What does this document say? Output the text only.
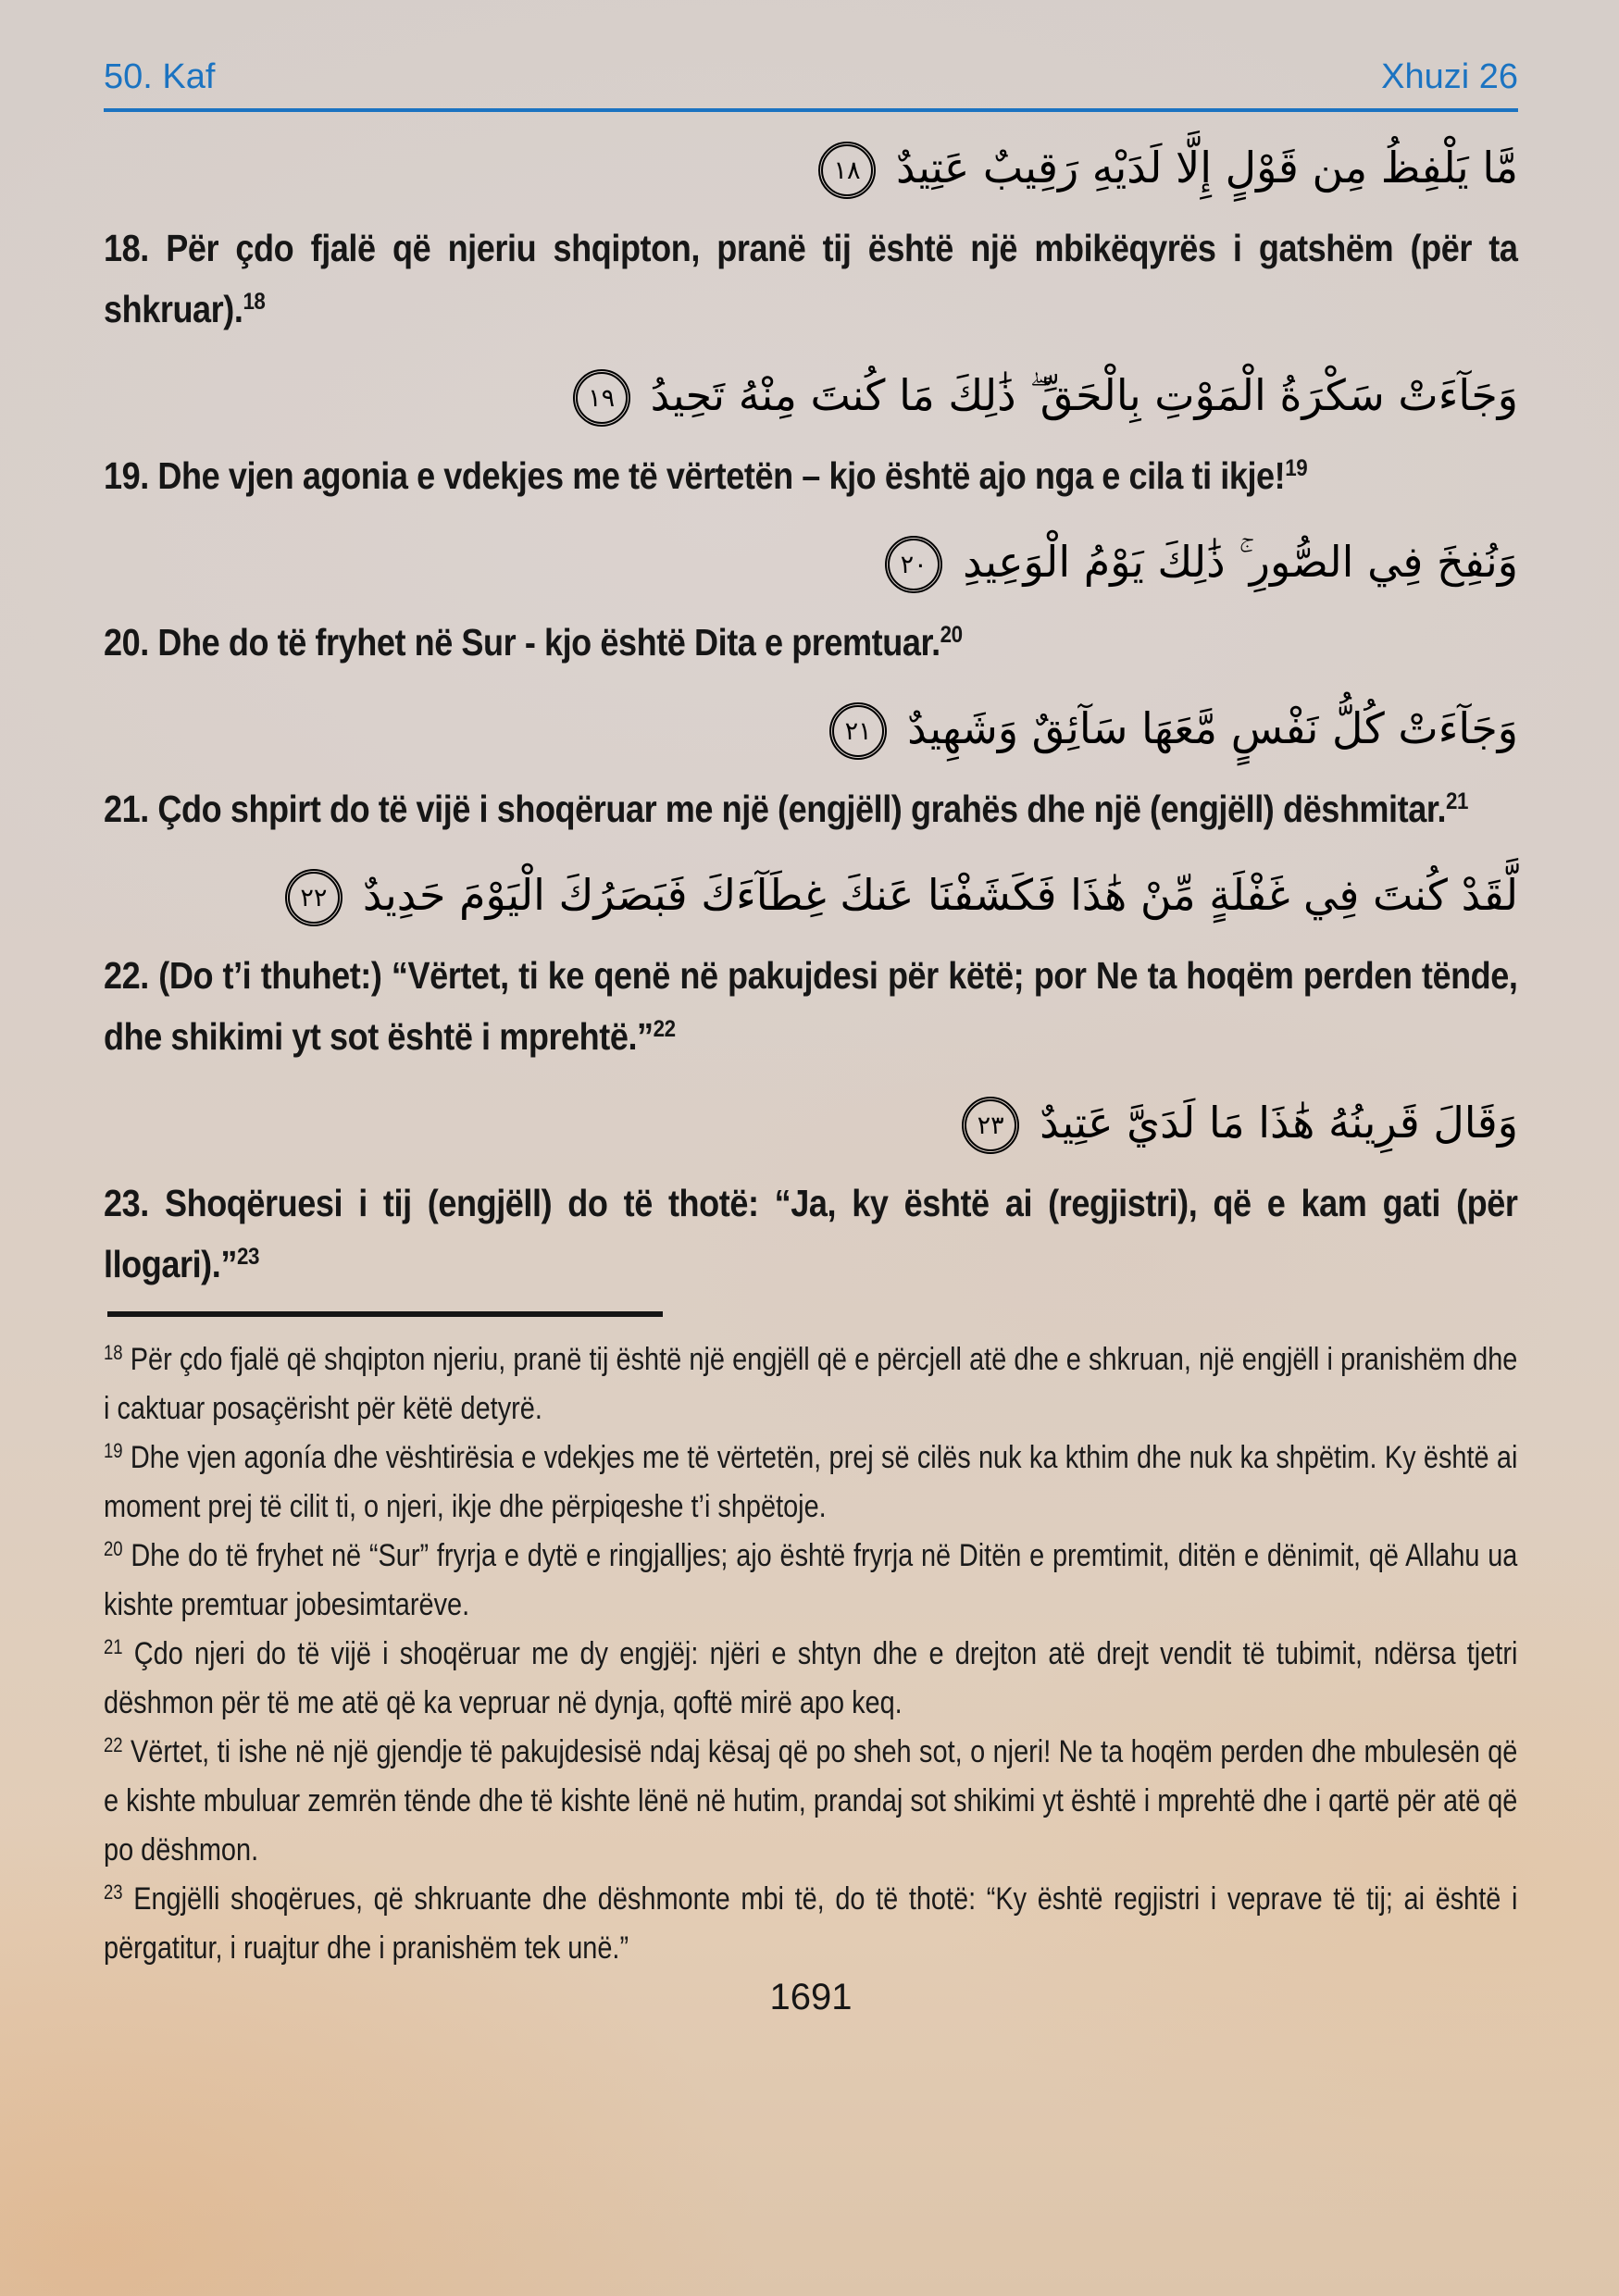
50. Kaf	Xhuzi 26

مَّا يَلْفِظُ مِن قَوْلٍ إِلَّا لَدَيْهِ رَقِيبٌ عَتِيدٌ١٨

18. Për çdo fjalë që njeriu shqipton, pranë tij është një mbikëqyrës i gatshëm (për ta shkruar).$^{18}$

وَجَآءَتْ سَكْرَةُ الْمَوْتِ بِالْحَقِّ ۖ ذَٰلِكَ مَا كُنتَ مِنْهُ تَحِيدُ١٩

19. Dhe vjen agonia e vdekjes me të vërtetën – kjo është ajo nga e cila ti ikje!$^{19}$

وَنُفِخَ فِي الصُّورِ ۚ ذَٰلِكَ يَوْمُ الْوَعِيدِ٢٠

20. Dhe do të fryhet në Sur - kjo është Dita e premtuar.$^{20}$

وَجَآءَتْ كُلُّ نَفْسٍ مَّعَهَا سَآئِقٌ وَشَهِيدٌ٢١

21. Çdo shpirt do të vijë i shoqëruar me një (engjëll) grahës dhe një (engjëll) dëshmitar.$^{21}$

لَّقَدْ كُنتَ فِي غَفْلَةٍ مِّنْ هَٰذَا فَكَشَفْنَا عَنكَ غِطَآءَكَ فَبَصَرُكَ الْيَوْمَ حَدِيدٌ٢٢

22. (Do t’i thuhet:) “Vërtet, ti ke qenë në pakujdesi për këtë; por Ne ta hoqëm perden tënde, dhe shikimi yt sot është i mprehtë.”$^{22}$

وَقَالَ قَرِينُهُ هَٰذَا مَا لَدَيَّ عَتِيدٌ٢٣

23. Shoqëruesi i tij (engjëll) do të thotë: “Ja, ky është ai (regjistri), që e kam gati (për llogari).”$^{23}$

$^{18}$ Për çdo fjalë që shqipton njeriu, pranë tij është një engjëll që e përcjell atë dhe e shkruan, një engjëll i pranishëm dhe i caktuar posaçërisht për këtë detyrë.

$^{19}$ Dhe vjen agonía dhe vështirësia e vdekjes me të vërtetën, prej së cilës nuk ka kthim dhe nuk ka shpëtim. Ky është ai moment prej të cilit ti, o njeri, ikje dhe përpiqeshe t’i shpëtoje.

$^{20}$ Dhe do të fryhet në “Sur” fryrja e dytë e ringjalljes; ajo është fryrja në Ditën e premtimit, ditën e dënimit, që Allahu ua kishte premtuar jobesimtarëve.

$^{21}$ Çdo njeri do të vijë i shoqëruar me dy engjëj: njëri e shtyn dhe e drejton atë drejt vendit të tubimit, ndërsa tjetri dëshmon për të me atë që ka vepruar në dynja, qoftë mirë apo keq.

$^{22}$ Vërtet, ti ishe në një gjendje të pakujdesisë ndaj kësaj që po sheh sot, o njeri! Ne ta hoqëm perden dhe mbulesën që e kishte mbuluar zemrën tënde dhe të kishte lënë në hutim, prandaj sot shikimi yt është i mprehtë dhe i qartë për atë që po dëshmon.

$^{23}$ Engjëlli shoqërues, që shkruante dhe dëshmonte mbi të, do të thotë: “Ky është regjistri i veprave të tij; ai është i përgatitur, i ruajtur dhe i pranishëm tek unë.”

1691
